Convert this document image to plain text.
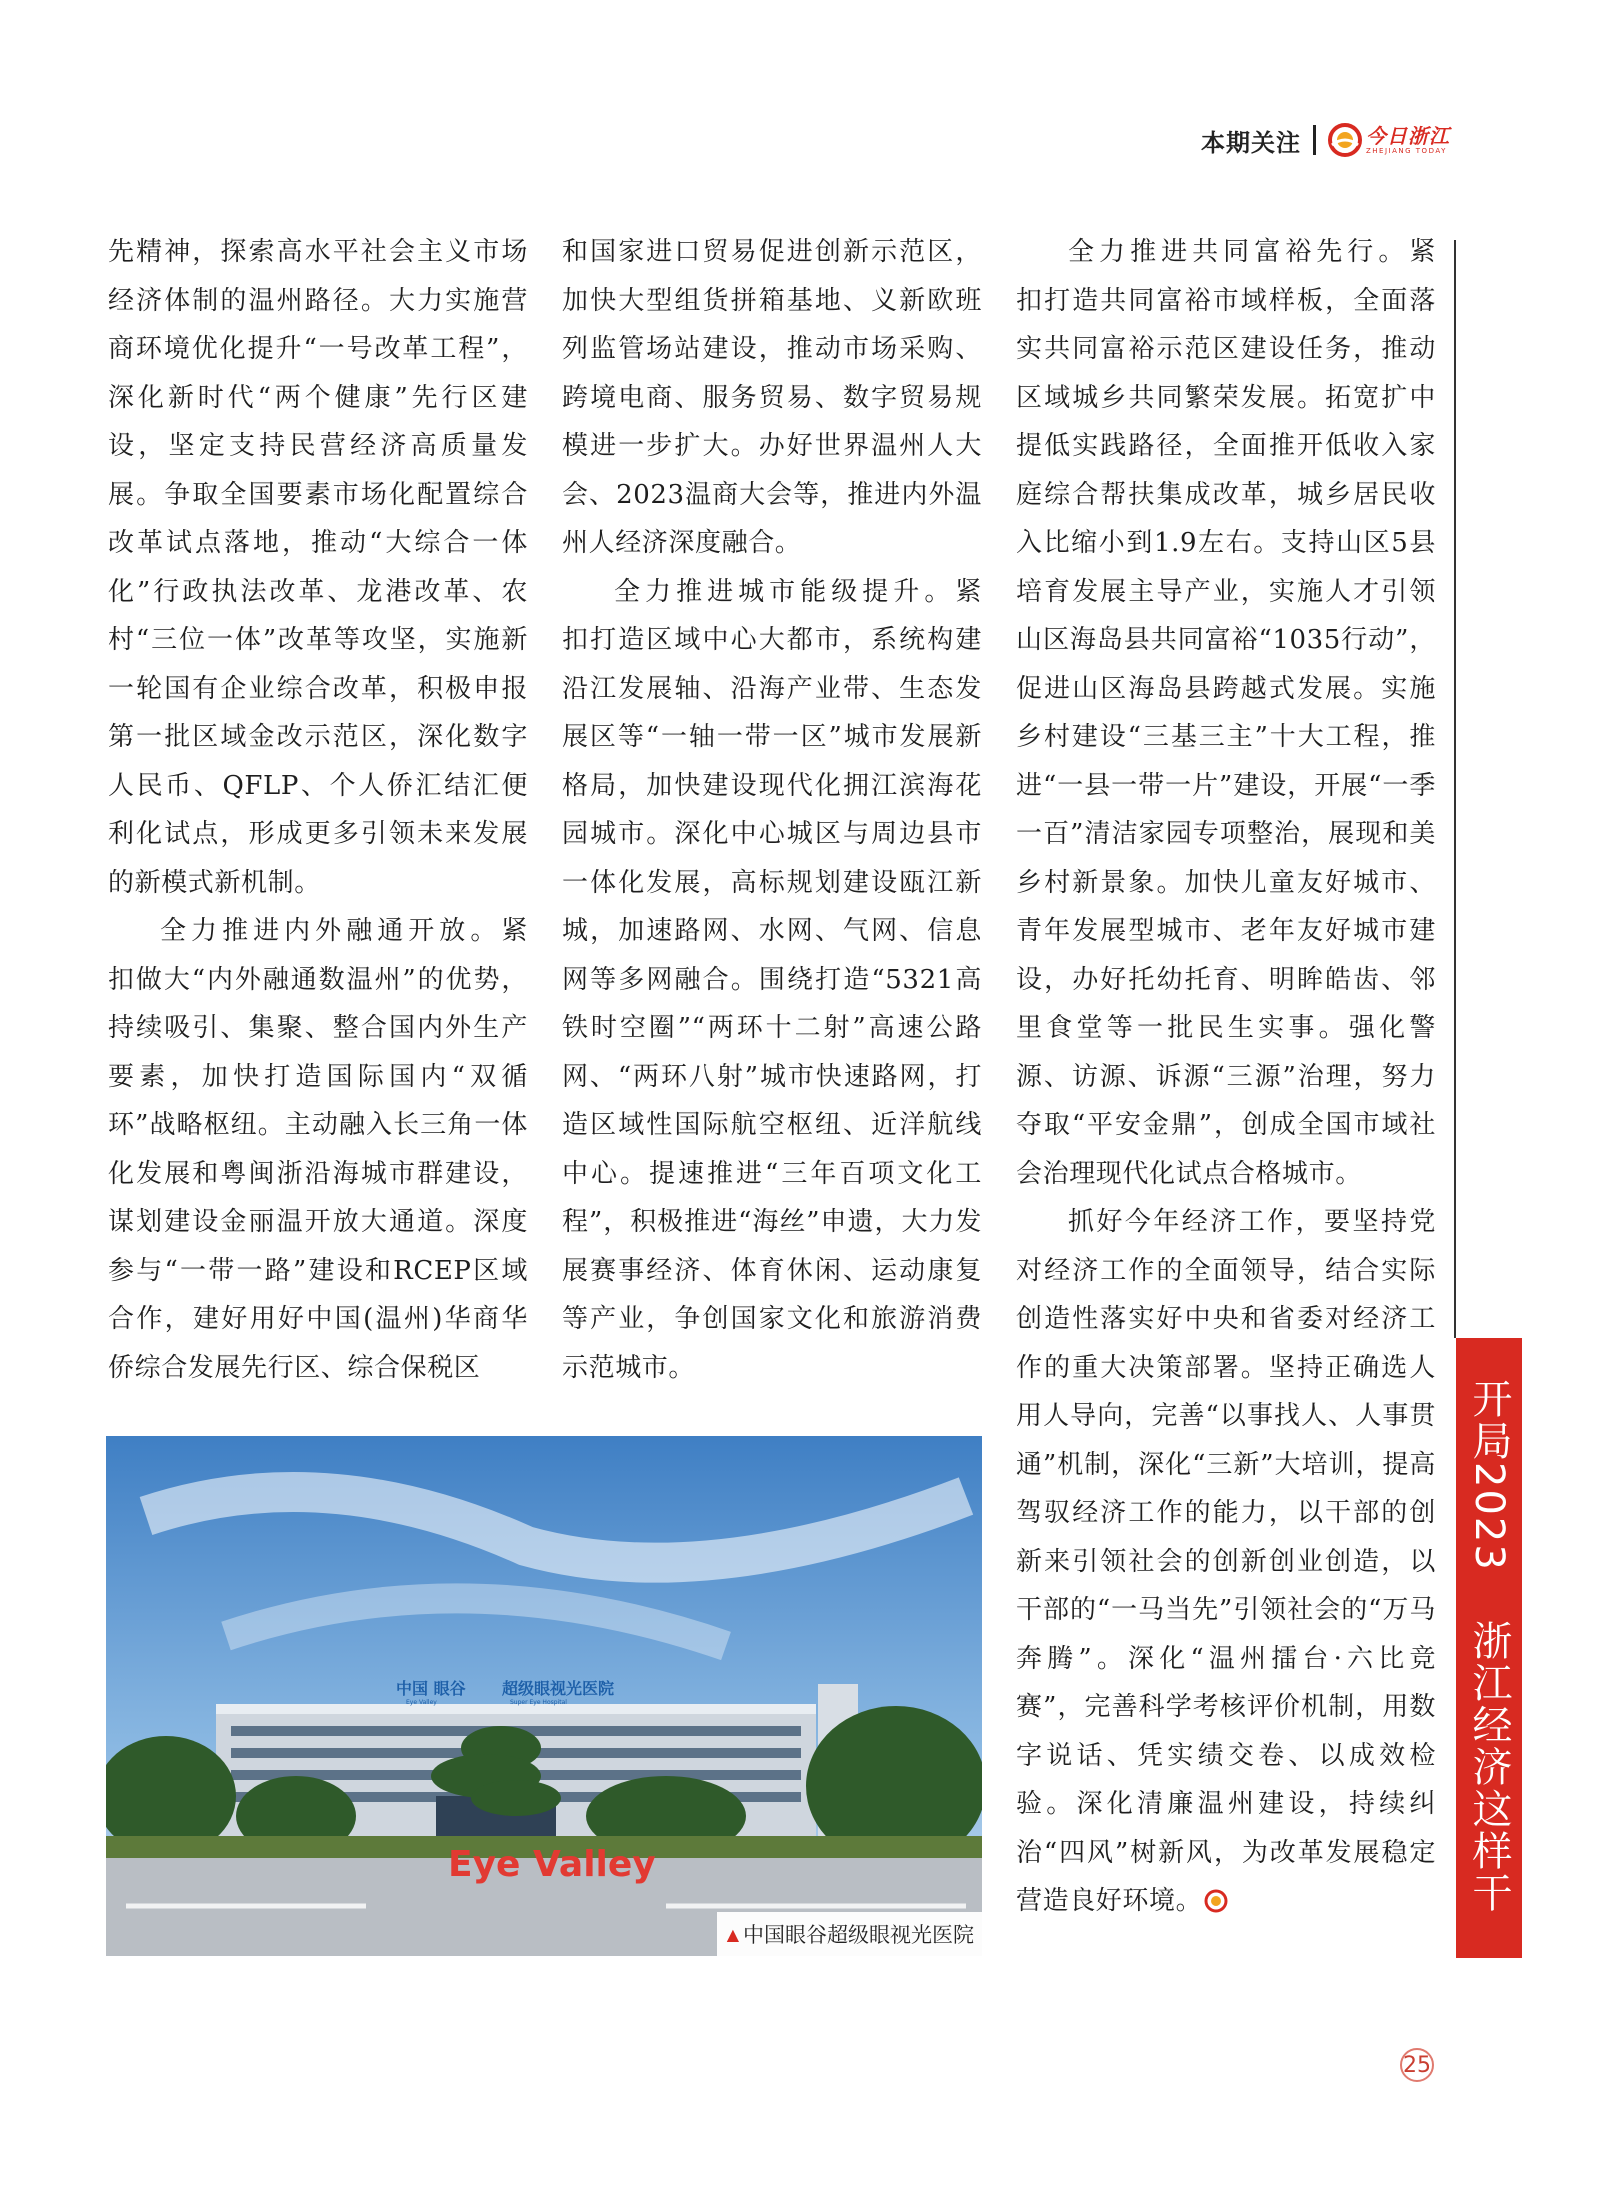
本期关注	今日浙江
ZHEJIANG TODAY

先精神，探索高水平社会主义市场经济体制的温州路径。大力实施营商环境优化提升“一号改革工程”，深化新时代“两个健康”先行区建设，坚定支持民营经济高质量发展。争取全国要素市场化配置综合改革试点落地，推动“大综合一体化”行政执法改革、龙港改革、农村“三位一体”改革等攻坚，实施新一轮国有企业综合改革，积极申报第一批区域金改示范区，深化数字人民币、QFLP、个人侨汇结汇便利化试点，形成更多引领未来发展的新模式新机制。

全力推进内外融通开放。紧扣做大“内外融通数温州”的优势，持续吸引、集聚、整合国内外生产要素，加快打造国际国内“双循环”战略枢纽。主动融入长三角一体化发展和粤闽浙沿海城市群建设，谋划建设金丽温开放大通道。深度参与“一带一路”建设和RCEP区域合作，建好用好中国(温州)华商华侨综合发展先行区、综合保税区

和国家进口贸易促进创新示范区，加快大型组货拼箱基地、义新欧班列监管场站建设，推动市场采购、跨境电商、服务贸易、数字贸易规模进一步扩大。办好世界温州人大会、2023温商大会等，推进内外温州人经济深度融合。

全力推进城市能级提升。紧扣打造区域中心大都市，系统构建沿江发展轴、沿海产业带、生态发展区等“一轴一带一区”城市发展新格局，加快建设现代化拥江滨海花园城市。深化中心城区与周边县市一体化发展，高标规划建设瓯江新城，加速路网、水网、气网、信息网等多网融合。围绕打造“5321高铁时空圈”“两环十二射”高速公路网、“两环八射”城市快速路网，打造区域性国际航空枢纽、近洋航线中心。提速推进“三年百项文化工程”，积极推进“海丝”申遗，大力发展赛事经济、体育休闲、运动康复等产业，争创国家文化和旅游消费示范城市。

全力推进共同富裕先行。紧扣打造共同富裕市域样板，全面落实共同富裕示范区建设任务，推动区域城乡共同繁荣发展。拓宽扩中提低实践路径，全面推开低收入家庭综合帮扶集成改革，城乡居民收入比缩小到1.9左右。支持山区5县培育发展主导产业，实施人才引领山区海岛县共同富裕“1035行动”，促进山区海岛县跨越式发展。实施乡村建设“三基三主”十大工程，推进“一县一带一片”建设，开展“一季一百”清洁家园专项整治，展现和美乡村新景象。加快儿童友好城市、青年发展型城市、老年友好城市建设，办好托幼托育、明眸皓齿、邻里食堂等一批民生实事。强化警源、访源、诉源“三源”治理，努力夺取“平安金鼎”，创成全国市域社会治理现代化试点合格城市。

抓好今年经济工作，要坚持党对经济工作的全面领导，结合实际创造性落实好中央和省委对经济工作的重大决策部署。坚持正确选人用人导向，完善“以事找人、人事贯通”机制，深化“三新”大培训，提高驾驭经济工作的能力，以干部的创新来引领社会的创新创业创造，以干部的“一马当先”引领社会的“万马奔腾”。深化“温州擂台·六比竞赛”，完善科学考核评价机制，用数字说话、凭实绩交卷、以成效检验。深化清廉温州建设，持续纠治“四风”树新风，为改革发展稳定营造良好环境。

中国 眼谷 超级眼视光医院
Eye Valley	Super Eye Hospital
Eye Valley
▲ 中国眼谷超级眼视光医院
开局2023
浙江经济这样干
25
